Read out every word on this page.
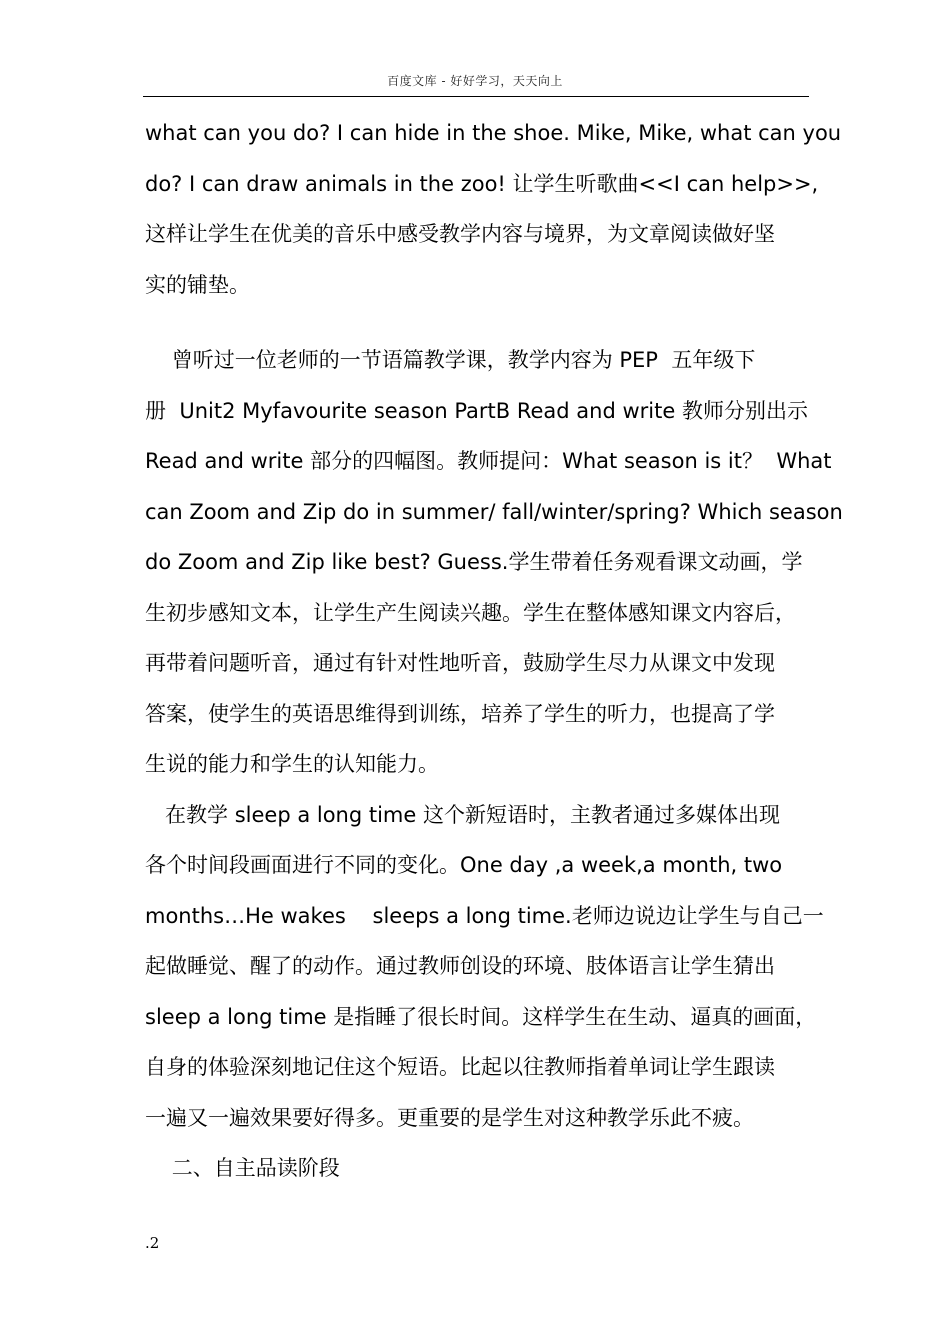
百度文库 - 好好学习，天天向上
what can you do? I can hide in the shoe. Mike, Mike, what can you
do? I can draw animals in the zoo! 让学生听歌曲<<I can help>>,
这样让学生在优美的音乐中感受教学内容与境界，为文章阅读做好坚
实的铺垫。
曾听过一位老师的一节语篇教学课，教学内容为 PEP  五年级下
册  Unit2 Myfavourite season PartB Read and write 教师分别出示
Read and write 部分的四幅图。教师提问：What season is it？  What
can Zoom and Zip do in summer/ fall/winter/spring? Which season
do Zoom and Zip like best? Guess.学生带着任务观看课文动画，学
生初步感知文本，让学生产生阅读兴趣。学生在整体感知课文内容后，
再带着问题听音，通过有针对性地听音，鼓励学生尽力从课文中发现
答案，使学生的英语思维得到训练，培养了学生的听力，也提高了学
生说的能力和学生的认知能力。
在教学 sleep a long time 这个新短语时，主教者通过多媒体出现
各个时间段画面进行不同的变化。One day ,a week,a month, two
months…He wakes    sleeps a long time.老师边说边让学生与自己一
起做睡觉、醒了的动作。通过教师创设的环境、肢体语言让学生猜出
sleep a long time 是指睡了很长时间。这样学生在生动、逼真的画面，
自身的体验深刻地记住这个短语。比起以往教师指着单词让学生跟读
一遍又一遍效果要好得多。更重要的是学生对这种教学乐此不疲。
二、自主品读阶段
.2
